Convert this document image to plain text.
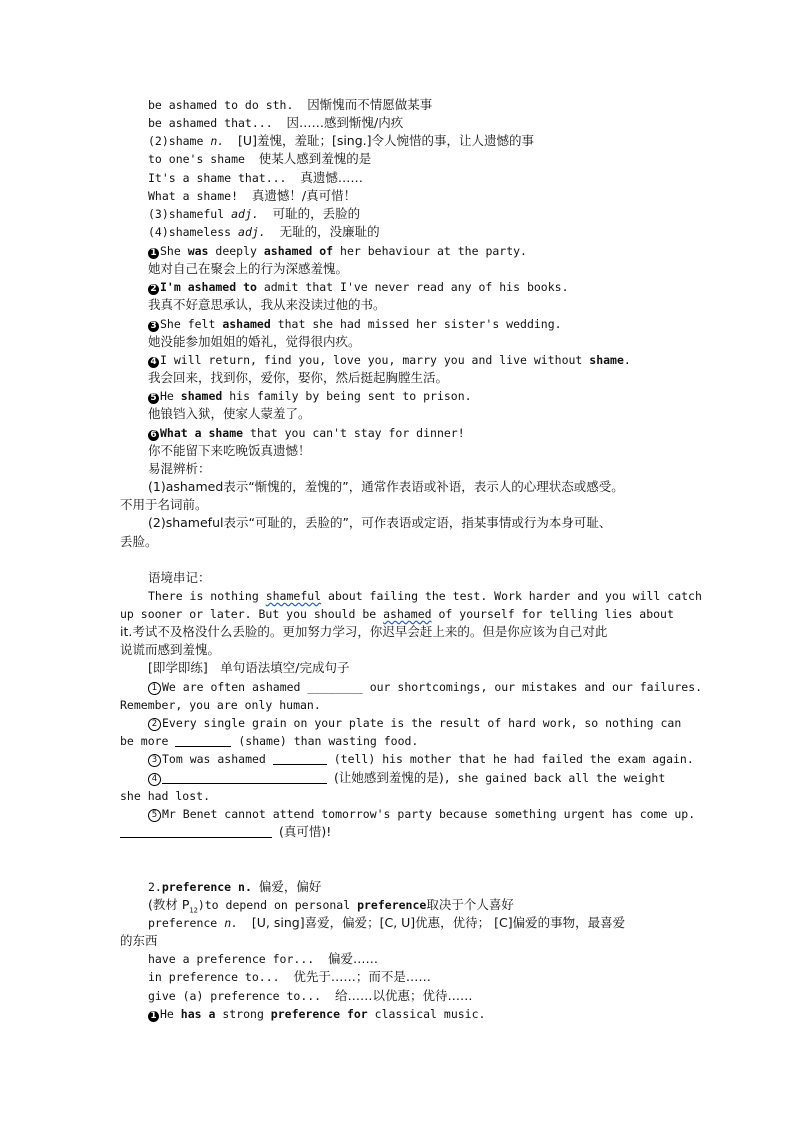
be ashamed to do sth. 因惭愧而不情愿做某事
be ashamed that... 因……感到惭愧/内疚
(2)shame n. [U]羞愧，羞耻；[sing.]令人惋惜的事，让人遗憾的事
to one's shame 使某人感到羞愧的是
It's a shame that... 真遗憾……
What a shame! 真遗憾！/真可惜！
(3)shameful adj. 可耻的，丢脸的
(4)shameless adj. 无耻的，没廉耻的
1 She was deeply ashamed of her behaviour at the party.
她对自己在聚会上的行为深感羞愧。
2 I'm ashamed to admit that I've never read any of his books.
我真不好意思承认，我从来没读过他的书。
3 She felt ashamed that she had missed her sister's wedding.
她没能参加姐姐的婚礼，觉得很内疚。
4 I will return, find you, love you, marry you and live without shame.
我会回来，找到你，爱你，娶你，然后挺起胸膛生活。
5 He shamed his family by being sent to prison.
他锒铛入狱，使家人蒙羞了。
6 What a shame that you can't stay for dinner!
你不能留下来吃晚饭真遗憾！
易混辨析：
(1)ashamed表示“惭愧的，羞愧的”，通常作表语或补语，表示人的心理状态或感受。
不用于名词前。
(2)shameful表示“可耻的，丢脸的”，可作表语或定语，指某事情或行为本身可耻、
丢脸。
语境串记：
There is nothing shameful about failing the test. Work harder and you will catch
up sooner or later. But you should be ashamed of yourself for telling lies about
it.考试不及格没什么丢脸的。更加努力学习，你迟早会赶上来的。但是你应该为自己对此
说谎而感到羞愧。
[即学即练]　单句语法填空/完成句子
1 We are often ashamed ________ our shortcomings, our mistakes and our failures.
Remember, you are only human.
2 Every single grain on your plate is the result of hard work, so nothing can
be more	(shame) than wasting food.
3 Tom was ashamed	(tell) his mother that he had failed the exam again.
4	(让她感到羞愧的是), she gained back all the weight
she had lost.
5 Mr Benet cannot attend tomorrow's party because something urgent has come up.
(真可惜)!
2.preference n. 偏爱，偏好
(教材 $P_{12})to$ depend on personal preference取决于个人喜好
preference n. [U, sing]喜爱，偏爱；[C, U]优惠，优待； [C]偏爱的事物，最喜爱
的东西
have a preference for... 偏爱……
in preference to... 优先于……；而不是……
give (a) preference to... 给……以优惠；优待……
1 He has a strong preference for classical music.
